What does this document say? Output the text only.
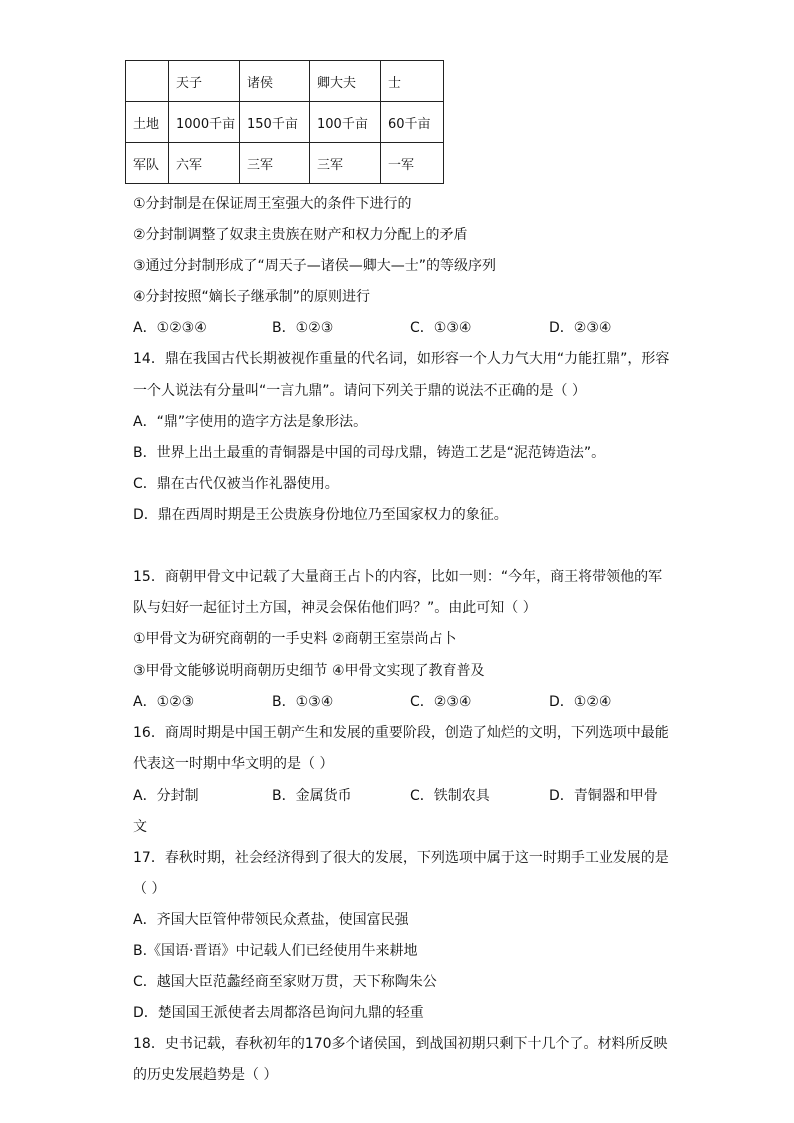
	天子	诸侯	卿大夫	士
土地	1000千亩	150千亩	100千亩	60千亩
军队	六军	三军	三军	一军
①分封制是在保证周王室强大的条件下进行的
②分封制调整了奴隶主贵族在财产和权力分配上的矛盾
③通过分封制形成了“周天子—诸侯—卿大—士”的等级序列
④分封按照“嫡长子继承制”的原则进行
A．①②③④	B．①②③	C．①③④	D．②③④
14．鼎在我国古代长期被视作重量的代名词，如形容一个人力气大用“力能扛鼎”，形容
一个人说法有分量叫“一言九鼎”。请问下列关于鼎的说法不正确的是（ ）
A．“鼎”字使用的造字方法是象形法。
B．世界上出土最重的青铜器是中国的司母戊鼎，铸造工艺是“泥范铸造法”。
C．鼎在古代仅被当作礼器使用。
D．鼎在西周时期是王公贵族身份地位乃至国家权力的象征。
15．商朝甲骨文中记载了大量商王占卜的内容，比如一则：“今年，商王将带领他的军
队与妇好一起征讨土方国，神灵会保佑他们吗？”。由此可知（ ）
①甲骨文为研究商朝的一手史料 ②商朝王室崇尚占卜
③甲骨文能够说明商朝历史细节 ④甲骨文实现了教育普及
A．①②③	B．①③④	C．②③④	D．①②④
16．商周时期是中国王朝产生和发展的重要阶段，创造了灿烂的文明，下列选项中最能
代表这一时期中华文明的是（ ）
A．分封制	B．金属货币	C．铁制农具	D．青铜器和甲骨
文
17．春秋时期，社会经济得到了很大的发展，下列选项中属于这一时期手工业发展的是
（ ）
A．齐国大臣管仲带领民众煮盐，使国富民强
B.《国语·晋语》中记载人们已经使用牛来耕地
C．越国大臣范蠡经商至家财万贯，天下称陶朱公
D．楚国国王派使者去周都洛邑询问九鼎的轻重
18．史书记载，春秋初年的170多个诸侯国，到战国初期只剩下十几个了。材料所反映
的历史发展趋势是（ ）
